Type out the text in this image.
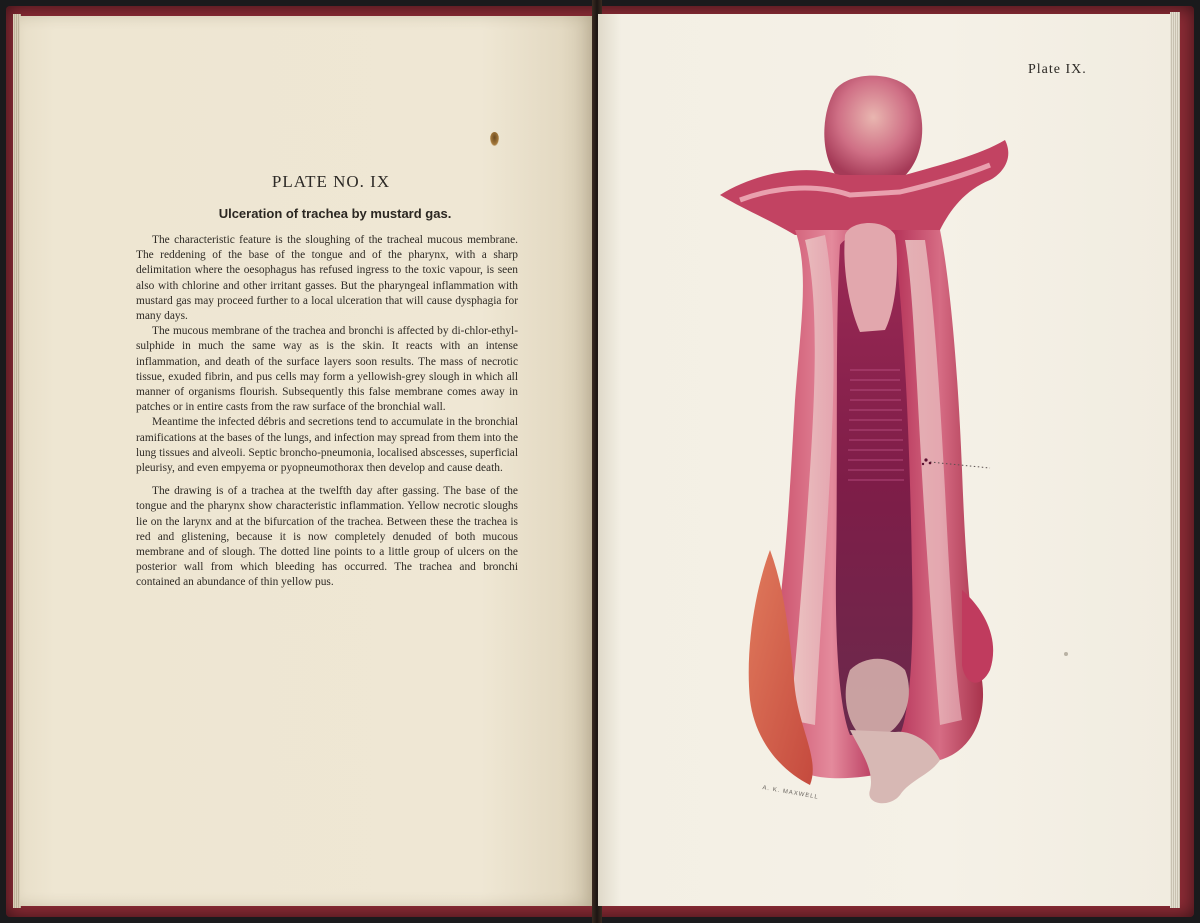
PLATE NO. IX
Ulceration of trachea by mustard gas.

The characteristic feature is the sloughing of the tracheal mucous membrane. The reddening of the base of the tongue and of the pharynx, with a sharp delimitation where the oesophagus has refused ingress to the toxic vapour, is seen also with chlorine and other irritant gasses. But the pharyngeal inflammation with mustard gas may proceed further to a local ulceration that will cause dysphagia for many days.

The mucous membrane of the trachea and bronchi is affected by di-chlor-ethyl-sulphide in much the same way as is the skin. It reacts with an intense inflammation, and death of the surface layers soon results. The mass of necrotic tissue, exuded fibrin, and pus cells may form a yellowish-grey slough in which all manner of organisms flourish. Subsequently this false membrane comes away in patches or in entire casts from the raw surface of the bronchial wall.

Meantime the infected débris and secretions tend to accumulate in the bronchial ramifications at the bases of the lungs, and infection may spread from them into the lung tissues and alveoli. Septic broncho-pneumonia, localised abscesses, superficial pleurisy, and even empyema or pyopneumothorax then develop and cause death.

The drawing is of a trachea at the twelfth day after gassing. The base of the tongue and the pharynx show characteristic inflammation. Yellow necrotic sloughs lie on the larynx and at the bifurcation of the trachea. Between these the trachea is red and glistening, because it is now completely denuded of both mucous membrane and of slough. The dotted line points to a little group of ulcers on the posterior wall from which bleeding has occurred. The trachea and bronchi contained an abundance of thin yellow pus.

Plate IX.
A. K. MAXWELL
